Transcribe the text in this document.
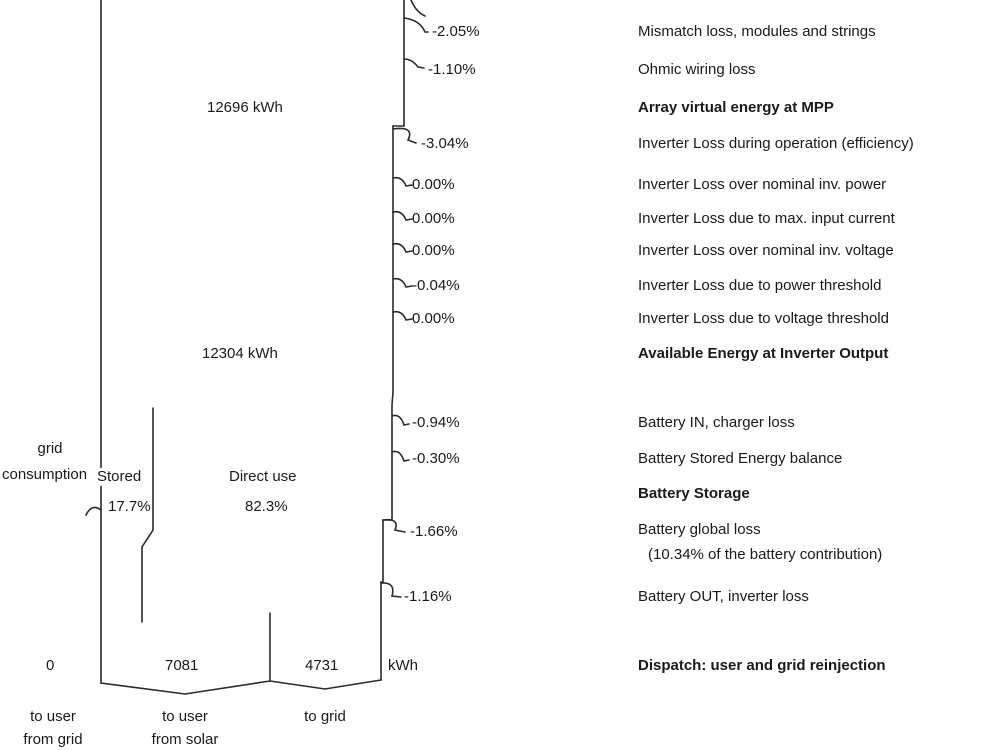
-2.05%
-1.10%
-3.04%
0.00%
0.00%
0.00%
-0.04%
0.00%
-0.94%
-0.30%
-1.66%
-1.16%
Mismatch loss, modules and strings
Ohmic wiring loss
Array virtual energy at MPP
Inverter Loss during operation (efficiency)
Inverter Loss over nominal inv. power
Inverter Loss due to max. input current
Inverter Loss over nominal inv. voltage
Inverter Loss due to power threshold
Inverter Loss due to voltage threshold
Available Energy at Inverter Output
Battery IN, charger loss
Battery Stored Energy balance
Battery Storage
Battery global loss
(10.34% of the battery contribution)
Battery OUT, inverter loss
Dispatch: user and grid reinjection
12696 kWh
12304 kWh
grid
consumption Stored
17.7%
Direct use
82.3%
0	7081	4731	kWh
to user
from grid
to user
from solar
to grid
